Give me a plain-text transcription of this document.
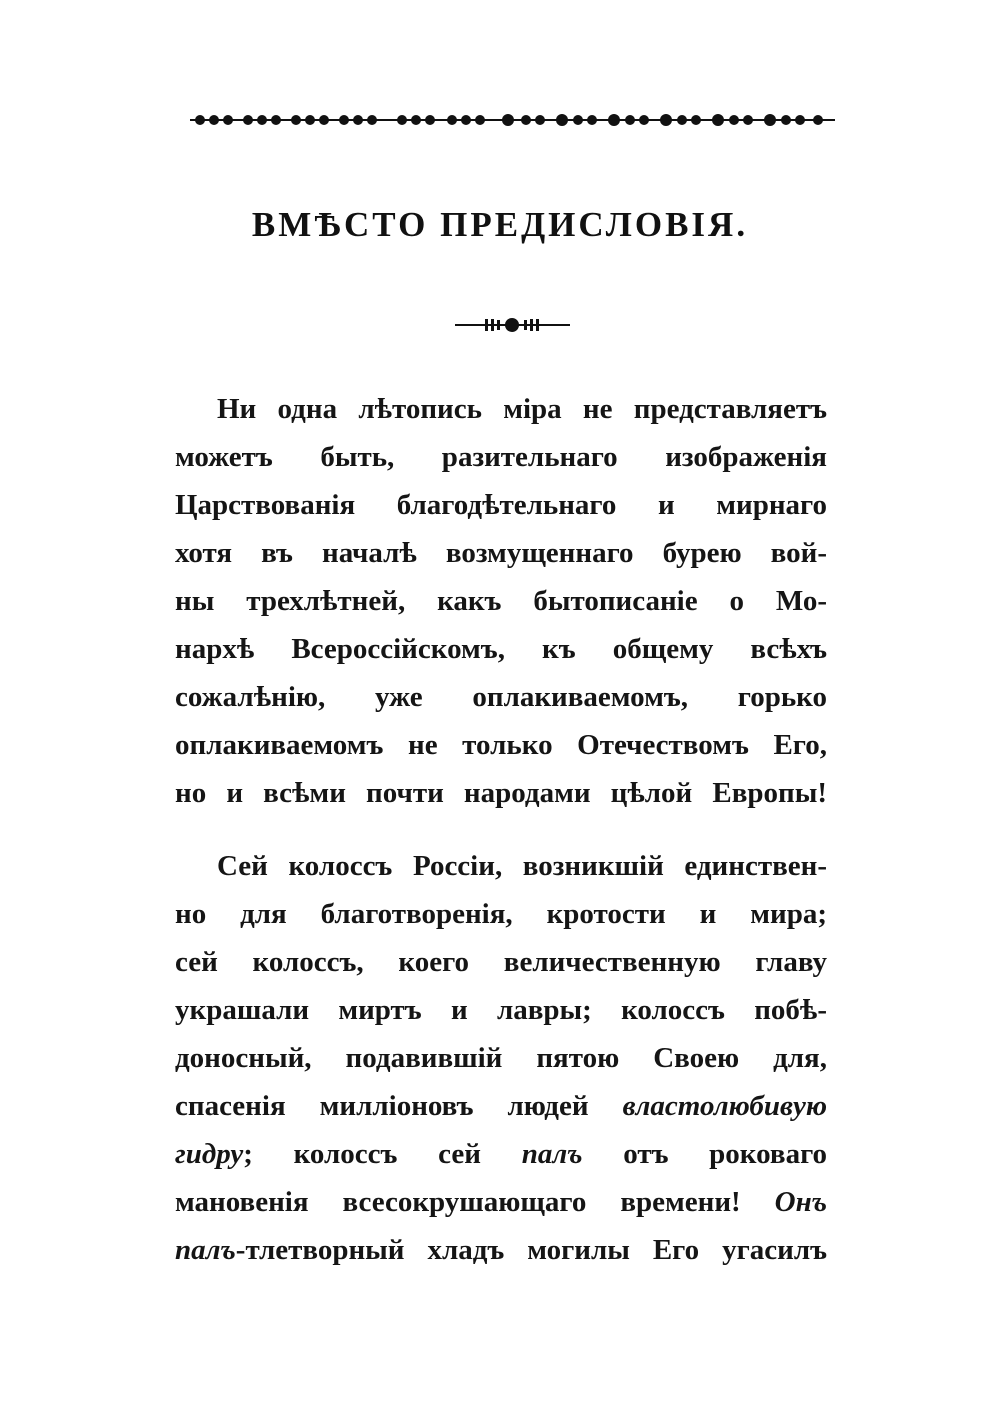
ВМѢСТО ПРЕДИСЛОВІЯ.
Ни одна лѣтопись міра не представляетъ
можетъ быть, разительнаго изображенія
Царствованія благодѣтельнаго и мирнаго
хотя въ началѣ возмущеннаго бурею вой-
ны трехлѣтней, какъ бытописаніе о Мо-
нархѣ Всероссійскомъ, къ общему всѣхъ
сожалѣнію, уже оплакиваемомъ, горько
оплакиваемомъ не только Отечествомъ Его,
но и всѣми почти народами цѣлой Европы!
Сей колоссъ Россіи, возникшій единствен-
но для благотворенія, кротости и мира;
сей колоссъ, коего величественную главу
украшали миртъ и лавры; колоссъ побѣ-
доносный, подавившій пятою Своею для,
спасенія милліоновъ людей властолюбивую
гидру; колоссъ сей палъ отъ роковаго
мановенія всесокрушающаго времени! Онъ
палъ-тлетворный хладъ могилы Его угасилъ
